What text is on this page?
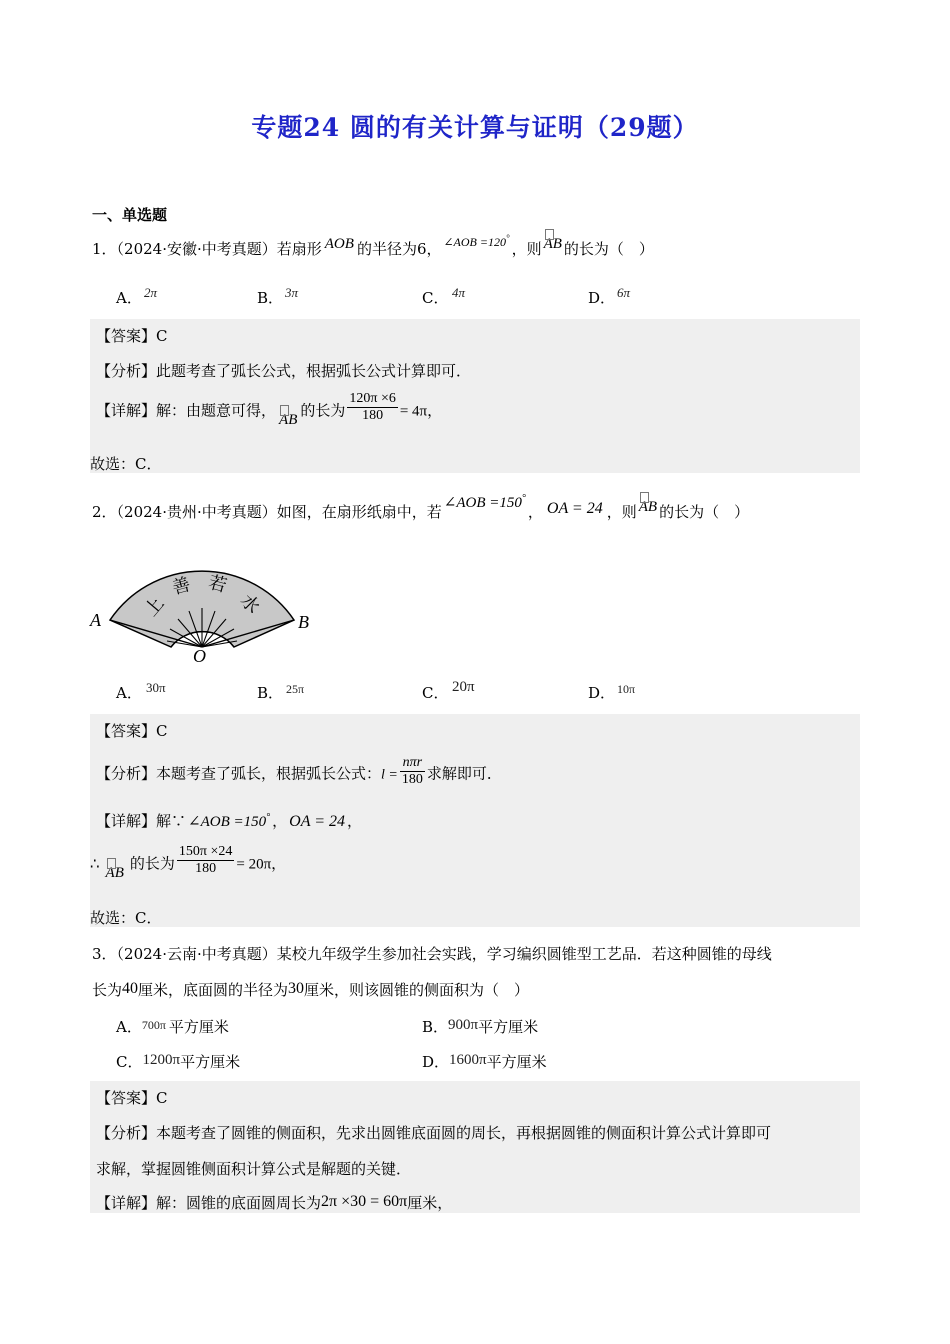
专题24 圆的有关计算与证明（29题）
一、单选题
1．（2024·安徽·中考真题）若扇形 AOB 的半径为6， $^{\angle AOB =120^\circ}$，则 AB 的长为（　）
A． 2π	B． 3π	C． 4π	D． 6π
【答案】C
【分析】此题考查了弧长公式，根据弧长公式计算即可．
【详解】解：由题意可得， AB 的长为 $\frac{120\pi \times 6}{180} = 4\pi$，
故选：C．
2．（2024·贵州·中考真题）如图，在扇形纸扇中，若 ∠AOB =150°， OA = 24 ，则 AB 的长为（　）
上
善 若
水
A	B
O
A． 30π	B． 25π	C． 20π	D． 10π
【答案】C
【分析】本题考查了弧长，根据弧长公式：$l = \frac{\text{nπr}}{180}$ 求解即可．
【详解】解∵ ∠AOB =150° ， OA = 24 ，
∴ AB 的长为 $\frac{150\pi \times 24}{180} = 20\pi$，
故选：C．
3．（2024·云南·中考真题）某校九年级学生参加社会实践，学习编织圆锥型工艺品．若这种圆锥的母线
长为40厘米，底面圆的半径为30厘米，则该圆锥的侧面积为（　）
A．$^{700\pi}$ 平方厘米	B．900π平方厘米
C．1200π平方厘米	D．1600π平方厘米
【答案】C
【分析】本题考查了圆锥的侧面积，先求出圆锥底面圆的周长，再根据圆锥的侧面积计算公式计算即可
求解，掌握圆锥侧面积计算公式是解题的关键．
【详解】解：圆锥的底面圆周长为2π ×30 = 60π厘米，
